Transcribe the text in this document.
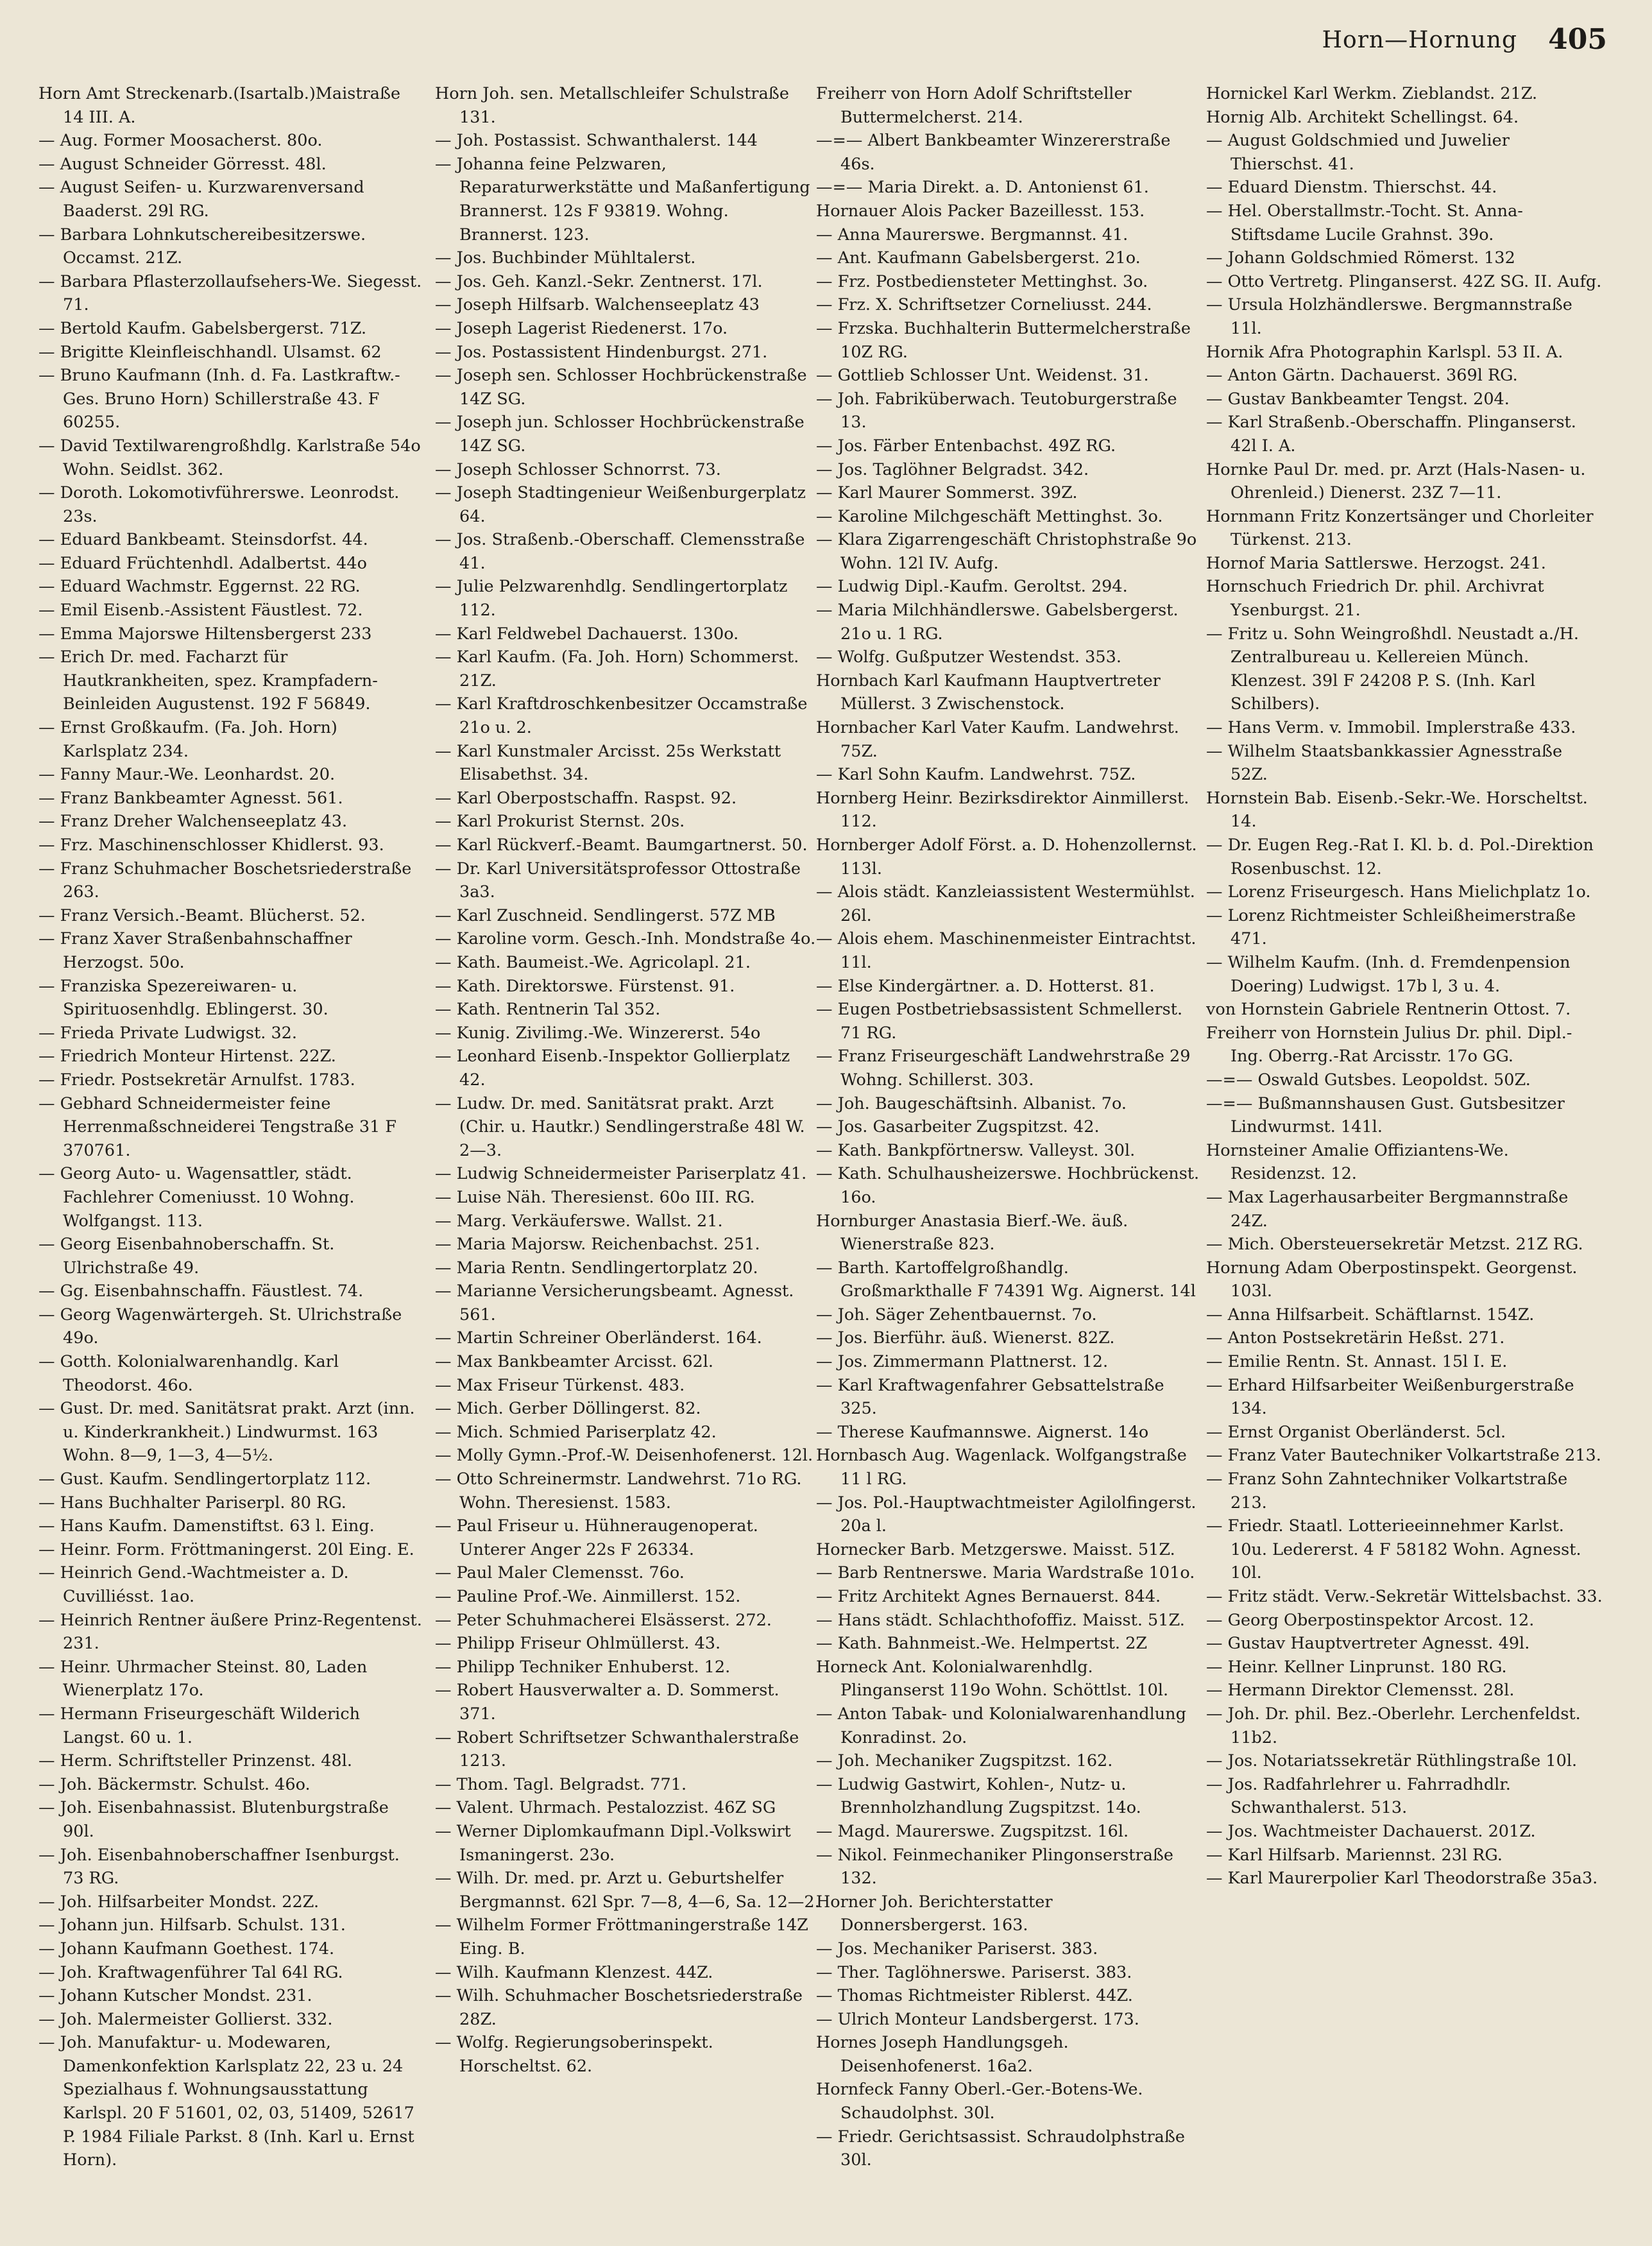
Horn—Hornung 405

Horn Amt Streckenarb.(Isartalb.)Maistraße 14 III. A.

— Aug. Former Moosacherst. 80o.

— August Schneider Görresst. 48l.

— August Seifen- u. Kurzwarenversand Baaderst. 29l RG.

— Barbara Lohnkutschereibesitzerswe. Occamst. 21Z.

— Barbara Pflasterzollaufsehers-We. Siegesst. 71.

— Bertold Kaufm. Gabelsbergerst. 71Z.

— Brigitte Kleinfleischhandl. Ulsamst. 62

— Bruno Kaufmann (Inh. d. Fa. Lastkraftw.-Ges. Bruno Horn) Schillerstraße 43. F 60255.

— David Textilwarengroßhdlg. Karlstraße 54o Wohn. Seidlst. 362.

— Doroth. Lokomotivführerswe. Leonrodst. 23s.

— Eduard Bankbeamt. Steinsdorfst. 44.

— Eduard Früchtenhdl. Adalbertst. 44o

— Eduard Wachmstr. Eggernst. 22 RG.

— Emil Eisenb.-Assistent Fäustlest. 72.

— Emma Majorswe Hiltensbergerst 233

— Erich Dr. med. Facharzt für Hautkrankheiten, spez. Krampfadern-Beinleiden Augustenst. 192 F 56849.

— Ernst Großkaufm. (Fa. Joh. Horn) Karlsplatz 234.

— Fanny Maur.-We. Leonhardst. 20.

— Franz Bankbeamter Agnesst. 561.

— Franz Dreher Walchenseeplatz 43.

— Frz. Maschinenschlosser Khidlerst. 93.

— Franz Schuhmacher Boschetsriederstraße 263.

— Franz Versich.-Beamt. Blücherst. 52.

— Franz Xaver Straßenbahnschaffner Herzogst. 50o.

— Franziska Spezereiwaren- u. Spirituosenhdlg. Eblingerst. 30.

— Frieda Private Ludwigst. 32.

— Friedrich Monteur Hirtenst. 22Z.

— Friedr. Postsekretär Arnulfst. 1783.

— Gebhard Schneidermeister feine Herrenmaßschneiderei Tengstraße 31 F 370761.

— Georg Auto- u. Wagensattler, städt. Fachlehrer Comeniusst. 10 Wohng. Wolfgangst. 113.

— Georg Eisenbahnoberschaffn. St. Ulrichstraße 49.

— Gg. Eisenbahnschaffn. Fäustlest. 74.

— Georg Wagenwärtergeh. St. Ulrichstraße 49o.

— Gotth. Kolonialwarenhandlg. Karl Theodorst. 46o.

— Gust. Dr. med. Sanitätsrat prakt. Arzt (inn. u. Kinderkrankheit.) Lindwurmst. 163 Wohn. 8—9, 1—3, 4—5½.

— Gust. Kaufm. Sendlingertorplatz 112.

— Hans Buchhalter Pariserpl. 80 RG.

— Hans Kaufm. Damenstiftst. 63 l. Eing.

— Heinr. Form. Fröttmaningerst. 20l Eing. E.

— Heinrich Gend.-Wachtmeister a. D. Cuvilliésst. 1ao.

— Heinrich Rentner äußere Prinz-Regentenst. 231.

— Heinr. Uhrmacher Steinst. 80, Laden Wienerplatz 17o.

— Hermann Friseurgeschäft Wilderich Langst. 60 u. 1.

— Herm. Schriftsteller Prinzenst. 48l.

— Joh. Bäckermstr. Schulst. 46o.

— Joh. Eisenbahnassist. Blutenburgstraße 90l.

— Joh. Eisenbahnoberschaffner Isenburgst. 73 RG.

— Joh. Hilfsarbeiter Mondst. 22Z.

— Johann jun. Hilfsarb. Schulst. 131.

— Johann Kaufmann Goethest. 174.

— Joh. Kraftwagenführer Tal 64l RG.

— Johann Kutscher Mondst. 231.

— Joh. Malermeister Gollierst. 332.

— Joh. Manufaktur- u. Modewaren, Damenkonfektion Karlsplatz 22, 23 u. 24 Spezialhaus f. Wohnungsausstattung Karlspl. 20 F 51601, 02, 03, 51409, 52617 P. 1984 Filiale Parkst. 8 (Inh. Karl u. Ernst Horn).

Horn Joh. sen. Metallschleifer Schulstraße 131.

— Joh. Postassist. Schwanthalerst. 144

— Johanna feine Pelzwaren, Reparaturwerkstätte und Maßanfertigung Brannerst. 12s F 93819. Wohng. Brannerst. 123.

— Jos. Buchbinder Mühltalerst.

— Jos. Geh. Kanzl.-Sekr. Zentnerst. 17l.

— Joseph Hilfsarb. Walchenseeplatz 43

— Joseph Lagerist Riedenerst. 17o.

— Jos. Postassistent Hindenburgst. 271.

— Joseph sen. Schlosser Hochbrückenstraße 14Z SG.

— Joseph jun. Schlosser Hochbrückenstraße 14Z SG.

— Joseph Schlosser Schnorrst. 73.

— Joseph Stadtingenieur Weißenburgerplatz 64.

— Jos. Straßenb.-Oberschaff. Clemensstraße 41.

— Julie Pelzwarenhdlg. Sendlingertorplatz 112.

— Karl Feldwebel Dachauerst. 130o.

— Karl Kaufm. (Fa. Joh. Horn) Schommerst. 21Z.

— Karl Kraftdroschkenbesitzer Occamstraße 21o u. 2.

— Karl Kunstmaler Arcisst. 25s Werkstatt Elisabethst. 34.

— Karl Oberpostschaffn. Raspst. 92.

— Karl Prokurist Sternst. 20s.

— Karl Rückverf.-Beamt. Baumgartnerst. 50.

— Dr. Karl Universitätsprofessor Ottostraße 3a3.

— Karl Zuschneid. Sendlingerst. 57Z MB

— Karoline vorm. Gesch.-Inh. Mondstraße 4o.

— Kath. Baumeist.-We. Agricolapl. 21.

— Kath. Direktorswe. Fürstenst. 91.

— Kath. Rentnerin Tal 352.

— Kunig. Zivilimg.-We. Winzererst. 54o

— Leonhard Eisenb.-Inspektor Gollierplatz 42.

— Ludw. Dr. med. Sanitätsrat prakt. Arzt (Chir. u. Hautkr.) Sendlingerstraße 48l W. 2—3.

— Ludwig Schneidermeister Pariserplatz 41.

— Luise Näh. Theresienst. 60o III. RG.

— Marg. Verkäuferswe. Wallst. 21.

— Maria Majorsw. Reichenbachst. 251.

— Maria Rentn. Sendlingertorplatz 20.

— Marianne Versicherungsbeamt. Agnesst. 561.

— Martin Schreiner Oberländerst. 164.

— Max Bankbeamter Arcisst. 62l.

— Max Friseur Türkenst. 483.

— Mich. Gerber Döllingerst. 82.

— Mich. Schmied Pariserplatz 42.

— Molly Gymn.-Prof.-W. Deisenhofenerst. 12l.

— Otto Schreinermstr. Landwehrst. 71o RG. Wohn. Theresienst. 1583.

— Paul Friseur u. Hühneraugenoperat. Unterer Anger 22s F 26334.

— Paul Maler Clemensst. 76o.

— Pauline Prof.-We. Ainmillerst. 152.

— Peter Schuhmacherei Elsässerst. 272.

— Philipp Friseur Ohlmüllerst. 43.

— Philipp Techniker Enhuberst. 12.

— Robert Hausverwalter a. D. Sommerst. 371.

— Robert Schriftsetzer Schwanthalerstraße 1213.

— Thom. Tagl. Belgradst. 771.

— Valent. Uhrmach. Pestalozzist. 46Z SG

— Werner Diplomkaufmann Dipl.-Volkswirt Ismaningerst. 23o.

— Wilh. Dr. med. pr. Arzt u. Geburtshelfer Bergmannst. 62l Spr. 7—8, 4—6, Sa. 12—2.

— Wilhelm Former Fröttmaningerstraße 14Z Eing. B.

— Wilh. Kaufmann Klenzest. 44Z.

— Wilh. Schuhmacher Boschetsriederstraße 28Z.

— Wolfg. Regierungsoberinspekt. Horscheltst. 62.

Freiherr von Horn Adolf Schriftsteller Buttermelcherst. 214.

—=— Albert Bankbeamter Winzererstraße 46s.

—=— Maria Direkt. a. D. Antonienst 61.

Hornauer Alois Packer Bazeillesst. 153.

— Anna Maurerswe. Bergmannst. 41.

— Ant. Kaufmann Gabelsbergerst. 21o.

— Frz. Postbediensteter Mettinghst. 3o.

— Frz. X. Schriftsetzer Corneliusst. 244.

— Frzska. Buchhalterin Buttermelcherstraße 10Z RG.

— Gottlieb Schlosser Unt. Weidenst. 31.

— Joh. Fabriküberwach. Teutoburgerstraße 13.

— Jos. Färber Entenbachst. 49Z RG.

— Jos. Taglöhner Belgradst. 342.

— Karl Maurer Sommerst. 39Z.

— Karoline Milchgeschäft Mettinghst. 3o.

— Klara Zigarrengeschäft Christophstraße 9o Wohn. 12l IV. Aufg.

— Ludwig Dipl.-Kaufm. Geroltst. 294.

— Maria Milchhändlerswe. Gabelsbergerst. 21o u. 1 RG.

— Wolfg. Gußputzer Westendst. 353.

Hornbach Karl Kaufmann Hauptvertreter Müllerst. 3 Zwischenstock.

Hornbacher Karl Vater Kaufm. Landwehrst. 75Z.

— Karl Sohn Kaufm. Landwehrst. 75Z.

Hornberg Heinr. Bezirksdirektor Ainmillerst. 112.

Hornberger Adolf Först. a. D. Hohenzollernst. 113l.

— Alois städt. Kanzleiassistent Westermühlst. 26l.

— Alois ehem. Maschinenmeister Eintrachtst. 11l.

— Else Kindergärtner. a. D. Hotterst. 81.

— Eugen Postbetriebsassistent Schmellerst. 71 RG.

— Franz Friseurgeschäft Landwehrstraße 29 Wohng. Schillerst. 303.

— Joh. Baugeschäftsinh. Albanist. 7o.

— Jos. Gasarbeiter Zugspitzst. 42.

— Kath. Bankpförtnersw. Valleyst. 30l.

— Kath. Schulhausheizerswe. Hochbrückenst. 16o.

Hornburger Anastasia Bierf.-We. äuß. Wienerstraße 823.

— Barth. Kartoffelgroßhandlg. Großmarkthalle F 74391 Wg. Aignerst. 14l

— Joh. Säger Zehentbauernst. 7o.

— Jos. Bierführ. äuß. Wienerst. 82Z.

— Jos. Zimmermann Plattnerst. 12.

— Karl Kraftwagenfahrer Gebsattelstraße 325.

— Therese Kaufmannswe. Aignerst. 14o

Hornbasch Aug. Wagenlack. Wolfgangstraße 11 l RG.

— Jos. Pol.-Hauptwachtmeister Agilolfingerst. 20a l.

Hornecker Barb. Metzgerswe. Maisst. 51Z.

— Barb Rentnerswe. Maria Wardstraße 101o.

— Fritz Architekt Agnes Bernauerst. 844.

— Hans städt. Schlachthofoffiz. Maisst. 51Z.

— Kath. Bahnmeist.-We. Helmpertst. 2Z

Horneck Ant. Kolonialwarenhdlg. Plinganserst 119o Wohn. Schöttlst. 10l.

— Anton Tabak- und Kolonialwarenhandlung Konradinst. 2o.

— Joh. Mechaniker Zugspitzst. 162.

— Ludwig Gastwirt, Kohlen-, Nutz- u. Brennholzhandlung Zugspitzst. 14o.

— Magd. Maurerswe. Zugspitzst. 16l.

— Nikol. Feinmechaniker Plingonserstraße 132.

Horner Joh. Berichterstatter Donnersbergerst. 163.

— Jos. Mechaniker Pariserst. 383.

— Ther. Taglöhnerswe. Pariserst. 383.

— Thomas Richtmeister Riblerst. 44Z.

— Ulrich Monteur Landsbergerst. 173.

Hornes Joseph Handlungsgeh. Deisenhofenerst. 16a2.

Hornfeck Fanny Oberl.-Ger.-Botens-We. Schaudolphst. 30l.

— Friedr. Gerichtsassist. Schraudolphstraße 30l.

Hornickel Karl Werkm. Zieblandst. 21Z.

Hornig Alb. Architekt Schellingst. 64.

— August Goldschmied und Juwelier Thierschst. 41.

— Eduard Dienstm. Thierschst. 44.

— Hel. Oberstallmstr.-Tocht. St. Anna-Stiftsdame Lucile Grahnst. 39o.

— Johann Goldschmied Römerst. 132

— Otto Vertretg. Plinganserst. 42Z SG. II. Aufg.

— Ursula Holzhändlerswe. Bergmannstraße 11l.

Hornik Afra Photographin Karlspl. 53 II. A.

— Anton Gärtn. Dachauerst. 369l RG.

— Gustav Bankbeamter Tengst. 204.

— Karl Straßenb.-Oberschaffn. Plinganserst. 42l I. A.

Hornke Paul Dr. med. pr. Arzt (Hals-Nasen- u. Ohrenleid.) Dienerst. 23Z 7—11.

Hornmann Fritz Konzertsänger und Chorleiter Türkenst. 213.

Hornof Maria Sattlerswe. Herzogst. 241.

Hornschuch Friedrich Dr. phil. Archivrat Ysenburgst. 21.

— Fritz u. Sohn Weingroßhdl. Neustadt a./H. Zentralbureau u. Kellereien Münch. Klenzest. 39l F 24208 P. S. (Inh. Karl Schilbers).

— Hans Verm. v. Immobil. Implerstraße 433.

— Wilhelm Staatsbankkassier Agnesstraße 52Z.

Hornstein Bab. Eisenb.-Sekr.-We. Horscheltst. 14.

— Dr. Eugen Reg.-Rat I. Kl. b. d. Pol.-Direktion Rosenbuschst. 12.

— Lorenz Friseurgesch. Hans Mielichplatz 1o.

— Lorenz Richtmeister Schleißheimerstraße 471.

— Wilhelm Kaufm. (Inh. d. Fremdenpension Doering) Ludwigst. 17b l, 3 u. 4.

von Hornstein Gabriele Rentnerin Ottost. 7.

Freiherr von Hornstein Julius Dr. phil. Dipl.-Ing. Oberrg.-Rat Arcisstr. 17o GG.

—=— Oswald Gutsbes. Leopoldst. 50Z.

—=— Bußmannshausen Gust. Gutsbesitzer Lindwurmst. 141l.

Hornsteiner Amalie Offiziantens-We. Residenzst. 12.

— Max Lagerhausarbeiter Bergmannstraße 24Z.

— Mich. Obersteuersekretär Metzst. 21Z RG.

Hornung Adam Oberpostinspekt. Georgenst. 103l.

— Anna Hilfsarbeit. Schäftlarnst. 154Z.

— Anton Postsekretärin Heßst. 271.

— Emilie Rentn. St. Annast. 15l I. E.

— Erhard Hilfsarbeiter Weißenburgerstraße 134.

— Ernst Organist Oberländerst. 5cl.

— Franz Vater Bautechniker Volkartstraße 213.

— Franz Sohn Zahntechniker Volkartstraße 213.

— Friedr. Staatl. Lotterieeinnehmer Karlst. 10u. Ledererst. 4 F 58182 Wohn. Agnesst. 10l.

— Fritz städt. Verw.-Sekretär Wittelsbachst. 33.

— Georg Oberpostinspektor Arcost. 12.

— Gustav Hauptvertreter Agnesst. 49l.

— Heinr. Kellner Linprunst. 180 RG.

— Hermann Direktor Clemensst. 28l.

— Joh. Dr. phil. Bez.-Oberlehr. Lerchenfeldst. 11b2.

— Jos. Notariatssekretär Rüthlingstraße 10l.

— Jos. Radfahrlehrer u. Fahrradhdlr. Schwanthalerst. 513.

— Jos. Wachtmeister Dachauerst. 201Z.

— Karl Hilfsarb. Mariennst. 23l RG.

— Karl Maurerpolier Karl Theodorstraße 35a3.
